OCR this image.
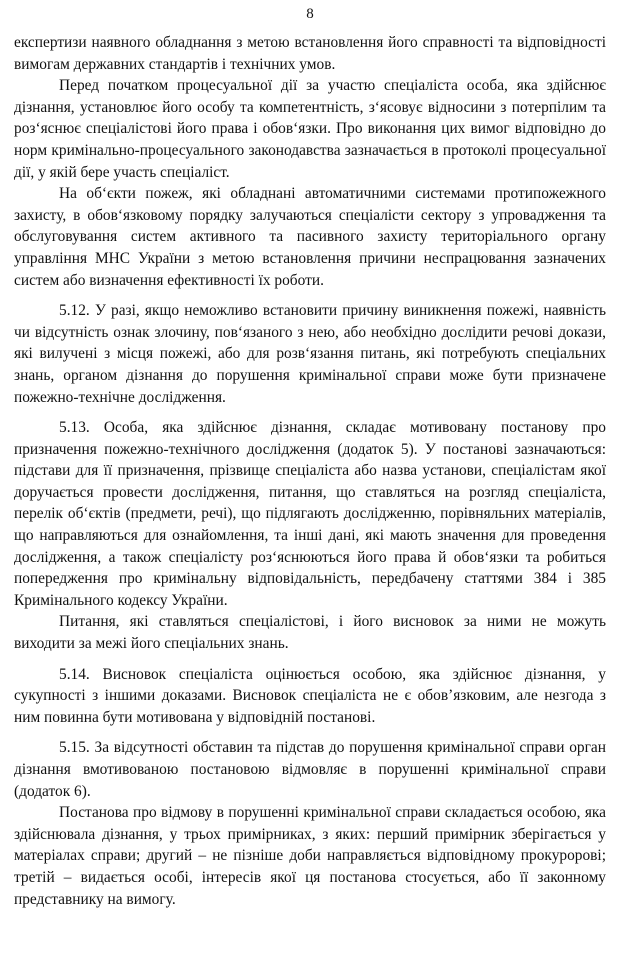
8

експертизи наявного обладнання з метою встановлення його справності та відповідності вимогам державних стандартів і технічних умов.

Перед початком процесуальної дії за участю спеціаліста особа, яка здійснює дізнання, установлює його особу та компетентність, з‘ясовує відносини з потерпілим та роз‘яснює спеціалістові його права і обов‘язки. Про виконання цих вимог відповідно до норм кримінально-процесуального законодавства зазначається в протоколі процесуальної дії, у якій бере участь спеціаліст.

На об‘єкти пожеж, які обладнані автоматичними системами протипожежного захисту, в обов‘язковому порядку залучаються спеціалісти сектору з упровадження та обслуговування систем активного та пасивного захисту територіального органу управління МНС України з метою встановлення причини неспрацювання зазначених систем або визначення ефективності їх роботи.

5.12. У разі, якщо неможливо встановити причину виникнення пожежі, наявність чи відсутність ознак злочину, пов‘язаного з нею, або необхідно дослідити речові докази, які вилучені з місця пожежі, або для розв‘язання питань, які потребують спеціальних знань, органом дізнання до порушення кримінальної справи може бути призначене пожежно-технічне дослідження.

5.13. Особа, яка здійснює дізнання, складає мотивовану постанову про призначення пожежно-технічного дослідження (додаток 5). У постанові зазначаються: підстави для її призначення, прізвище спеціаліста або назва установи, спеціалістам якої доручається провести дослідження, питання, що ставляться на розгляд спеціаліста, перелік об‘єктів (предмети, речі), що підлягають дослідженню, порівняльних матеріалів, що направляються для ознайомлення, та інші дані, які мають значення для проведення дослідження, а також спеціалісту роз‘яснюються його права й обов‘язки та робиться попередження про кримінальну відповідальність, передбачену статтями 384 і 385 Кримінального кодексу України.

Питання, які ставляться спеціалістові, і його висновок за ними не можуть виходити за межі його спеціальних знань.

5.14. Висновок спеціаліста оцінюється особою, яка здійснює дізнання, у сукупності з іншими доказами. Висновок спеціаліста не є обов’язковим, але незгода з ним повинна бути мотивована у відповідній постанові.

5.15. За відсутності обставин та підстав до порушення кримінальної справи орган дізнання вмотивованою постановою відмовляє в порушенні кримінальної справи (додаток 6).

Постанова про відмову в порушенні кримінальної справи складається особою, яка здійснювала дізнання, у трьох примірниках, з яких: перший примірник зберігається у матеріалах справи; другий – не пізніше доби направляється відповідному прокуророві; третій – видається особі, інтересів якої ця постанова стосується, або її законному представнику на вимогу.
